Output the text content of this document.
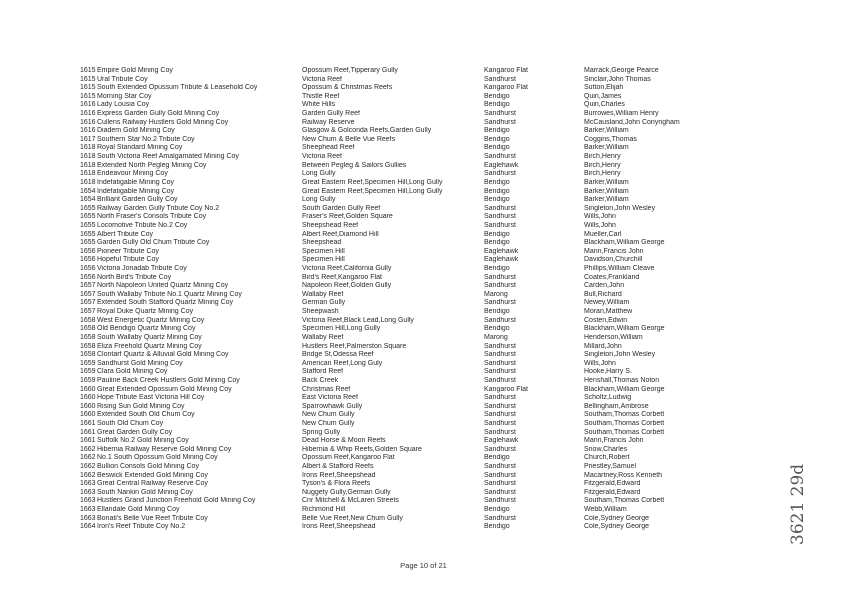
1615 Empire Gold Mining Coy	Opossum Reef,Tipperary Gully	Kangaroo Flat	Marrack,George Pearce
1615 Ural Tribute Coy	Victoria Reef	Sandhurst	Sinclair,John Thomas
1615 South Extended Opussum Tribute & Leasehold Coy	Opossum & Christmas Reefs	Kangaroo Flat	Sutton,Elijah
1615 Morning Star Coy	Thistle Reef	Bendigo	Quin,James
1616 Lady Lousia Coy	White Hills	Bendigo	Quin,Charles
1616 Express Garden Gully Gold Mining Coy	Garden Gully Reef	Sandhurst	Burrowes,William Henry
1616 Cullens Railway Hustlers Gold Mining Coy	Railway Reserve	Sandhurst	McCausland,John Conyngham
1616 Diadem Gold Mining Coy	Glasgow & Golconda Reefs,Garden Gully	Bendigo	Barker,William
1617 Southern Star No.2 Tribute Coy	New Chum & Belle Vue Reefs	Bendigo	Coggins,Thomas
1618 Royal Standard Mining Coy	Sheephead Reef	Bendigo	Barker,William
1618 South Victoria Reef Amalgamated Mining Coy	Victoria Reef	Sandhurst	Birch,Henry
1618 Extended North Pegleg Mining Coy	Between Pegleg & Sailors Gullies	Eaglehawk	Birch,Henry
1618 Endeavour Mining Coy	Long Gully	Sandhurst	Birch,Henry
1618 Indefatigable Mining Coy	Great Eastern Reef,Specimen Hill,Long Gully	Bendigo	Barker,William
1654 Indefatigable Mining Coy	Great Eastern Reef,Specimen Hill,Long Gully	Bendigo	Barker,William
1654 Brilliant Garden Gully Coy	Long Gully	Bendigo	Barker,William
1655 Railway Garden Gully Tribute Coy No.2	South Garden Gully Reef	Sandhurst	Singleton,John Wesley
1655 North Fraser's Consols Tribute Coy	Fraser's Reef,Golden Square	Sandhurst	Wills,John
1655 Locomotive Tribute No.2 Coy	Sheepshead Reef	Sandhurst	Wills,John
1655 Albert Tribute Coy	Albert Reef,Diamond Hill	Bendigo	Mueller,Carl
1655 Garden Gully Old Chum Tribute Coy	Sheepshead	Bendigo	Blackham,William George
1656 Pioneer Tribute Coy	Specimen Hill	Eaglehawk	Mann,Francis John
1656 Hopeful Tribute Coy	Specimen Hill	Eaglehawk	Davidson,Churchill
1656 Victoria Jonadab Tribute Coy	Victoria Reef,California Gully	Bendigo	Phillips,William Cleave
1656 North Bird's Tribute Coy	Bird's Reef,Kangaroo Flat	Sandhurst	Coates,Frankland
1657 North Napoleon United Quartz Mining Coy	Napoleon Reef,Golden Gully	Sandhurst	Carden,John
1657 South Wallaby Tribute No.1 Quartz Mining Coy	Wallaby Reef	Marong	Bull,Richard
1657 Extended South Stafford Quartz Mining Coy	German Gully	Sandhurst	Newey,William
1657 Royal Duke Quartz Mining Coy	Sheepwash	Bendigo	Moran,Matthew
1658 West Energetic Quartz Mining Coy	Victoria Reef,Black Lead,Long Gully	Sandhurst	Costen,Edwin
1658 Old Bendigo Quartz Mining Coy	Specimen Hill,Long Gully	Bendigo	Blackham,William George
1658 South Wallaby Quartz Mining Coy	Wallaby Reef	Marong	Henderson,William
1658 Eliza Freehold Quartz Mining Coy	Hustlers Reef,Palmerston Square	Sandhurst	Millard,John
1658 Clontarf Quartz & Alluvial Gold Mining Coy	Bridge St,Odessa Reef	Sandhurst	Singleton,John Wesley
1659 Sandhurst Gold Mining Coy	American Reef,Long Guly	Sandhurst	Wills,John
1659 Clara Gold Mining Coy	Stafford Reef	Sandhurst	Hooke,Harry S.
1659 Pauline Back Creek Hustlers Gold Mining Coy	Back Creek	Sandhurst	Henshall,Thomas Noton
1660 Great Extended Opossum Gold Mining Coy	Christmas Reef	Kangaroo Flat	Blackham,William George
1660 Hope Tribute East Victoria Hill Coy	East Victoria Reef	Sandhurst	Scholtz,Ludwig
1660 Rising Sun Gold Mining Coy	Sparrowhawk Gully	Sandhurst	Bellingham,Ambrose
1660 Extended South Old Chum Coy	New Chum Gully	Sandhurst	Southam,Thomas Corbett
1661 South Old Chum Coy	New Chum Gully	Sandhurst	Southam,Thomas Corbett
1661 Great Garden Gully Coy	Spring Gully	Sandhurst	Southam,Thomas Corbett
1661 Suffolk No.2 Gold Mining Coy	Dead Horse & Moon Reefs	Eaglehawk	Mann,Francis John
1662 Hibernia Railway Reserve Gold Mining Coy	Hibernia & Whip Reefs,Golden Square	Sandhurst	Snow,Charles
1662 No.1 South Opossum Gold Mining Coy	Opossum Reef,Kangaroo Flat	Bendigo	Church,Robert
1662 Bullion Consols Gold Mining Coy	Albert & Stafford Reefs	Sandhurst	Priestley,Samuel
1662 Beswick Extended Gold Mining Coy	Irons Reef,Sheepshead	Sandhurst	Macartney,Ross Kenneth
1663 Great Central Railway Reserve Coy	Tyson's & Flora Reefs	Sandhurst	Fitzgerald,Edward
1663 South Nankin Gold Mining Coy	Nuggety Gully,German Gully	Sandhurst	Fitzgerald,Edward
1663 Hustlers Grand Junction Freehold Gold Mining Coy	Cnr Mitchell & McLaren Streets	Sandhurst	Southam,Thomas Corbett
1663 Ellandale Gold Mining Coy	Richmond Hill	Bendigo	Webb,William
1663 Bonati's Belle Vue Reef Tribute Coy	Belle Vue Reef,New Chum Gully	Sandhurst	Cole,Sydney George
1664 Iron's Reef Tribute Coy No.2	Irons Reef,Sheepshead	Bendigo	Cole,Sydney George
Page 10 of 21
3621 29d
